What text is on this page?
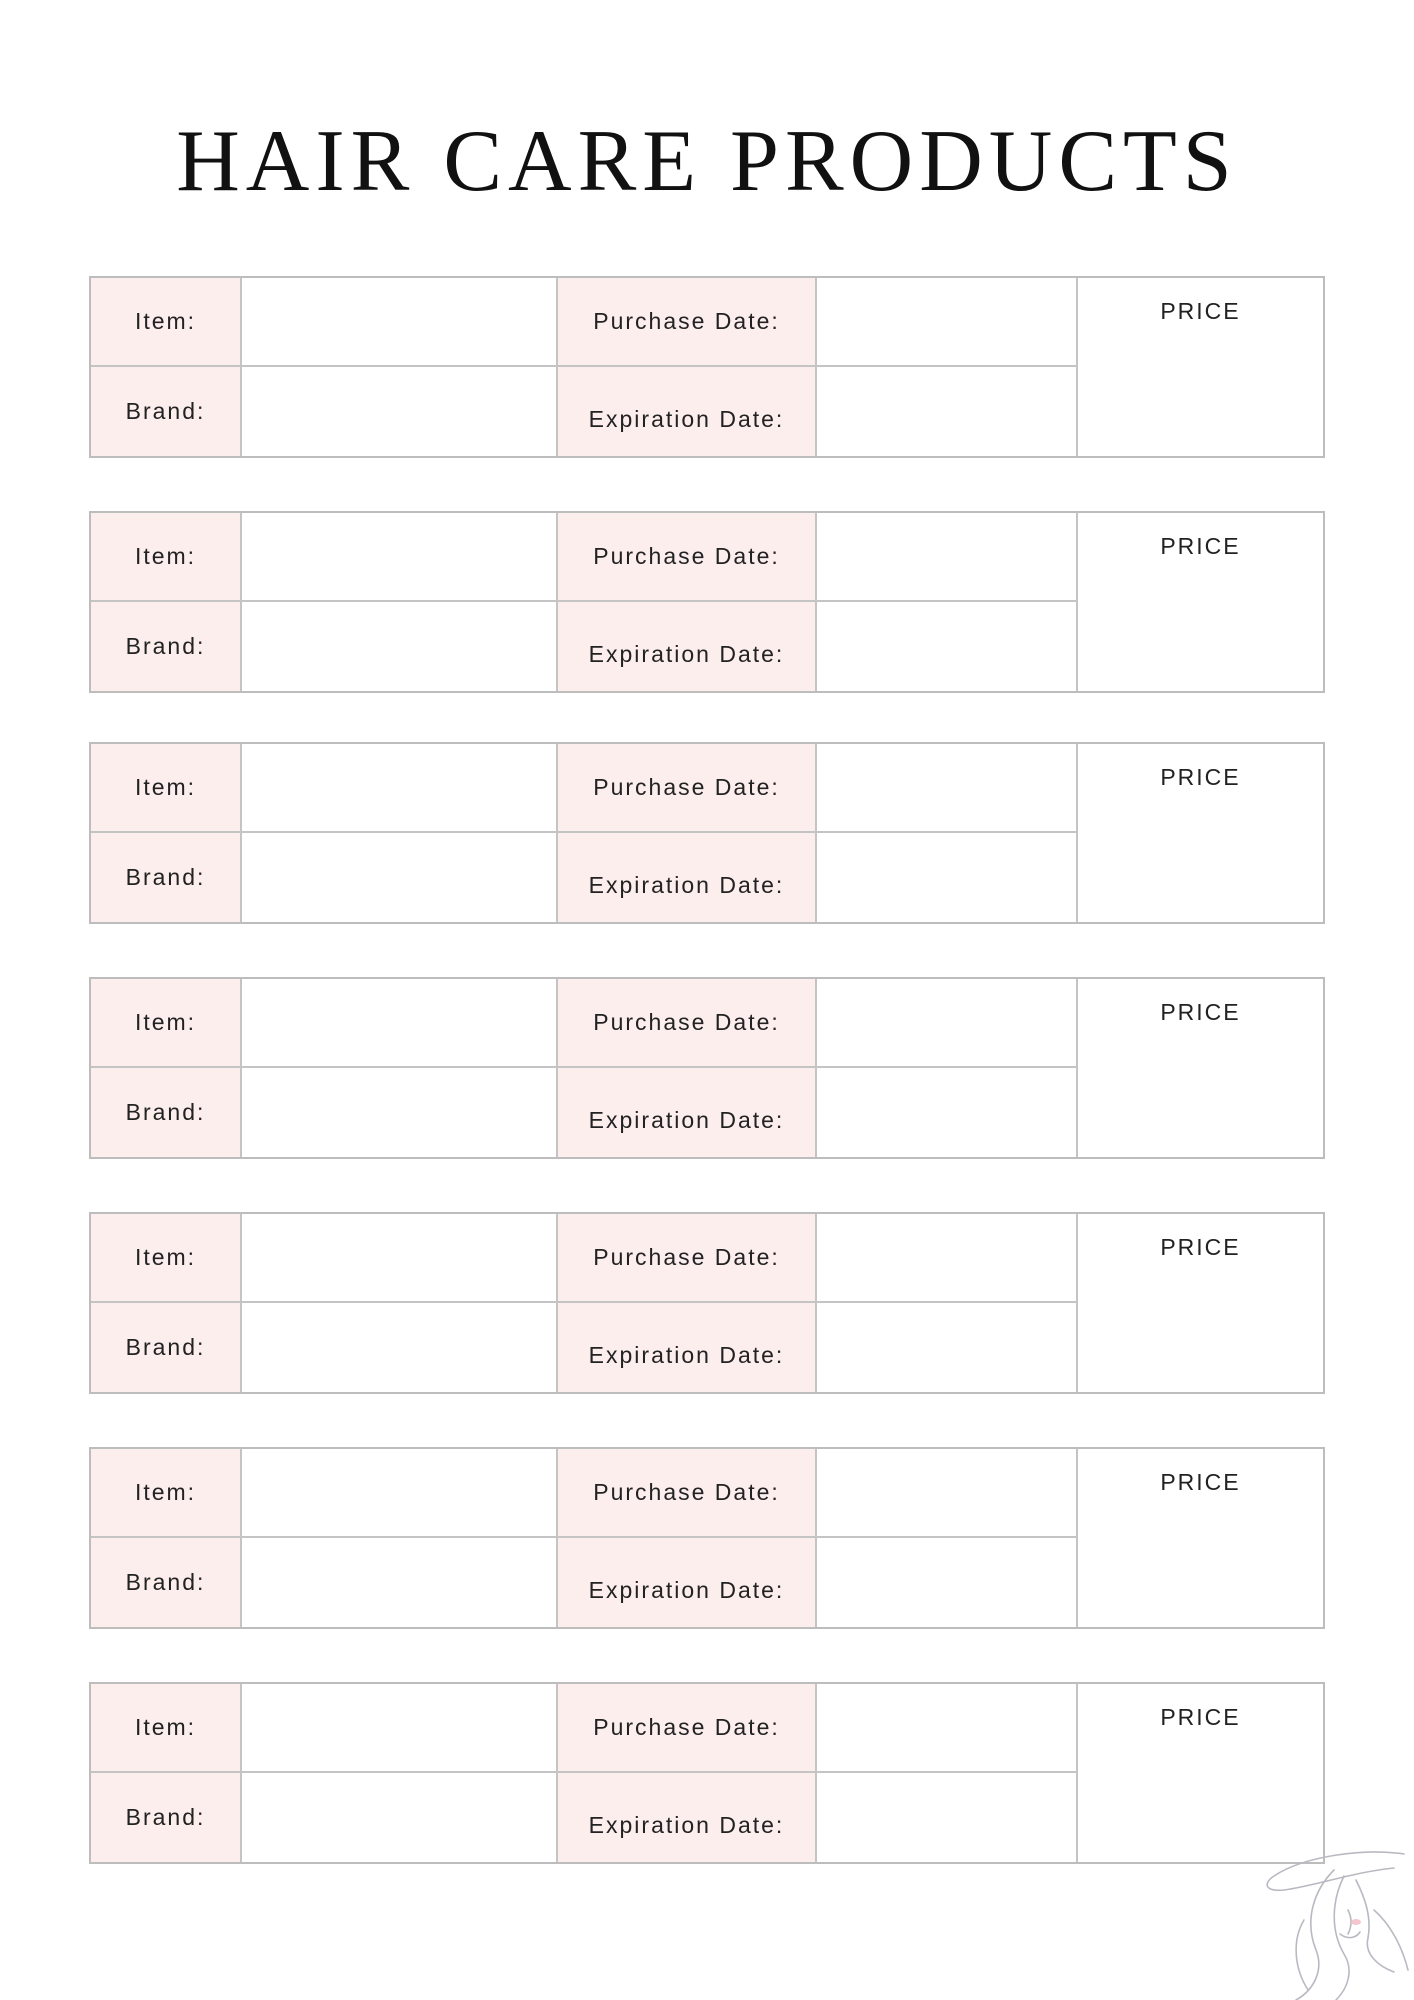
HAIR CARE PRODUCTS
Item:	Purchase Date:	PRICE
Brand:	Expiration Date:
Item:	Purchase Date:	PRICE
Brand:	Expiration Date:
Item:	Purchase Date:	PRICE
Brand:	Expiration Date:
Item:	Purchase Date:	PRICE
Brand:	Expiration Date:
Item:	Purchase Date:	PRICE
Brand:	Expiration Date:
Item:	Purchase Date:	PRICE
Brand:	Expiration Date:
Item:	Purchase Date:	PRICE
Brand:	Expiration Date:
